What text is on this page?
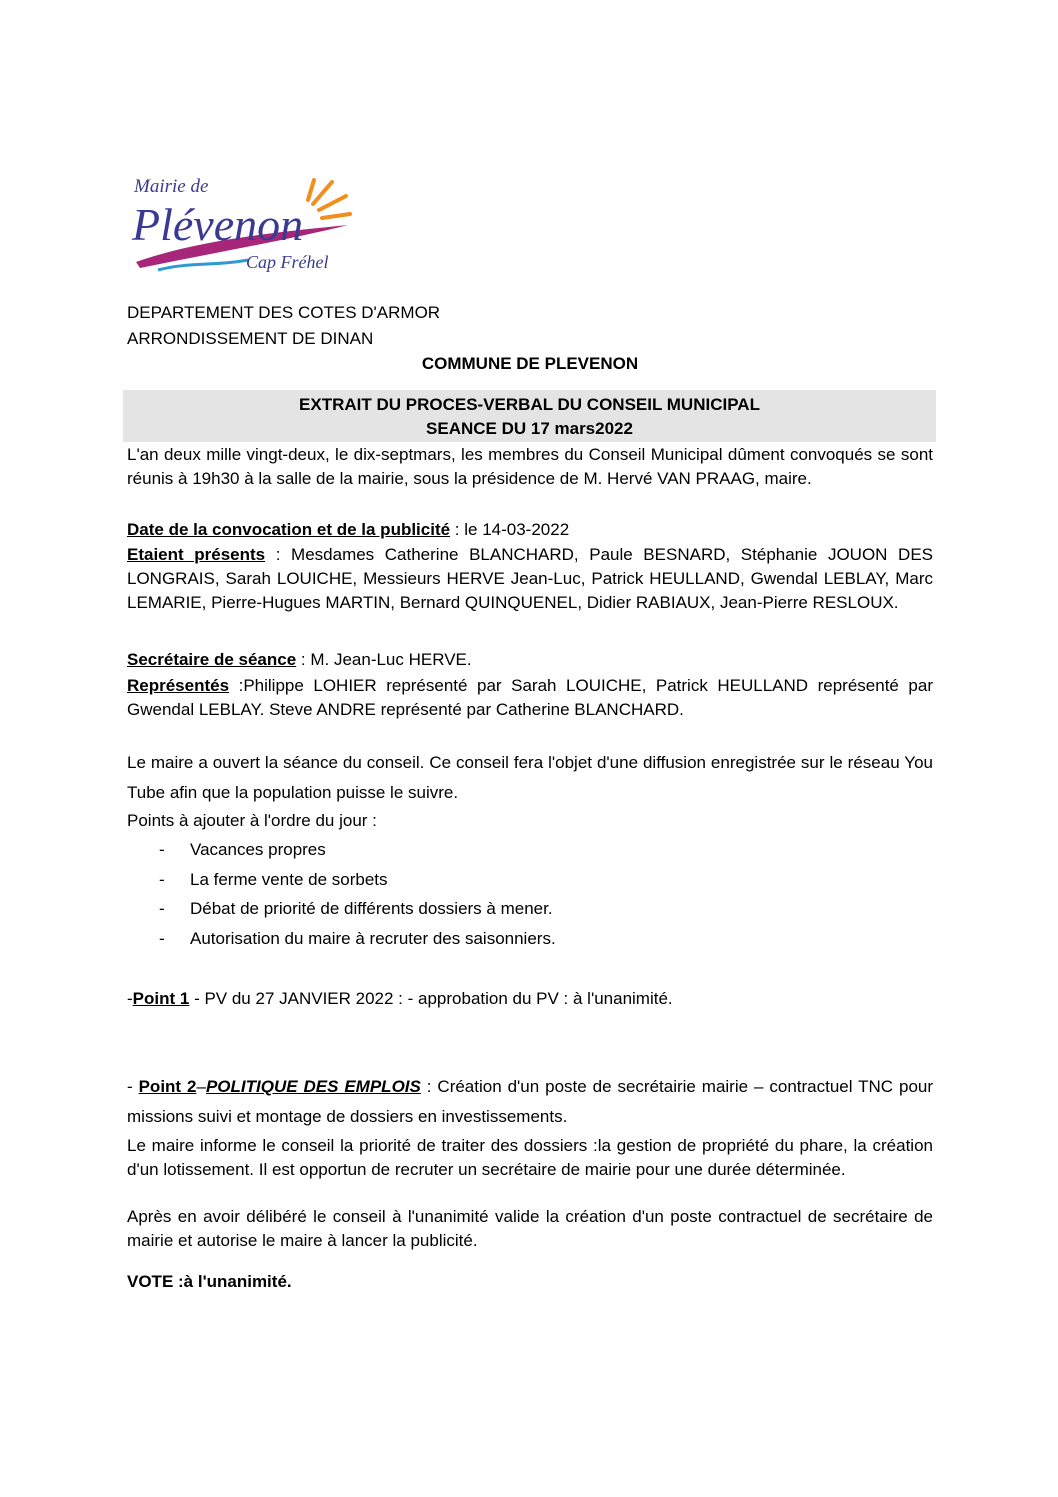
Mairie de
Plévenon
Cap Fréhel
DEPARTEMENT DES COTES D'ARMOR
ARRONDISSEMENT DE DINAN
COMMUNE DE PLEVENON
EXTRAIT DU PROCES-VERBAL DU CONSEIL MUNICIPAL
SEANCE DU 17 mars2022
L'an deux mille vingt-deux, le dix-septmars, les membres du Conseil Municipal dûment convoqués se sont réunis à 19h30 à la salle de la mairie, sous la présidence de M. Hervé VAN PRAAG, maire.
Date de la convocation et de la publicité : le 14-03-2022
Etaient présents : Mesdames Catherine BLANCHARD, Paule BESNARD, Stéphanie JOUON DES LONGRAIS, Sarah LOUICHE, Messieurs HERVE Jean-Luc, Patrick HEULLAND, Gwendal LEBLAY, Marc LEMARIE, Pierre-Hugues MARTIN, Bernard QUINQUENEL, Didier RABIAUX, Jean-Pierre RESLOUX.
Secrétaire de séance : M. Jean-Luc HERVE.
Représentés :Philippe LOHIER représenté par Sarah LOUICHE, Patrick HEULLAND représenté par Gwendal LEBLAY. Steve ANDRE représenté par Catherine BLANCHARD.
Le maire a ouvert la séance du conseil. Ce conseil fera l'objet d'une diffusion enregistrée sur le réseau You Tube afin que la population puisse le suivre.
Points à ajouter à l'ordre du jour :
- Vacances propres
- La ferme vente de sorbets
- Débat de priorité de différents dossiers à mener.
- Autorisation du maire à recruter des saisonniers.
-Point 1 - PV du 27 JANVIER 2022 : - approbation du PV : à l'unanimité.
- Point 2–POLITIQUE DES EMPLOIS : Création d'un poste de secrétairie mairie – contractuel TNC pour missions suivi et montage de dossiers en investissements.
Le maire informe le conseil la priorité de traiter des dossiers :la gestion de propriété du phare, la création d'un lotissement. Il est opportun de recruter un secrétaire de mairie pour une durée déterminée.
Après en avoir délibéré le conseil à l'unanimité valide la création d'un poste contractuel de secrétaire de mairie et autorise le maire à lancer la publicité.
VOTE :à l'unanimité.
